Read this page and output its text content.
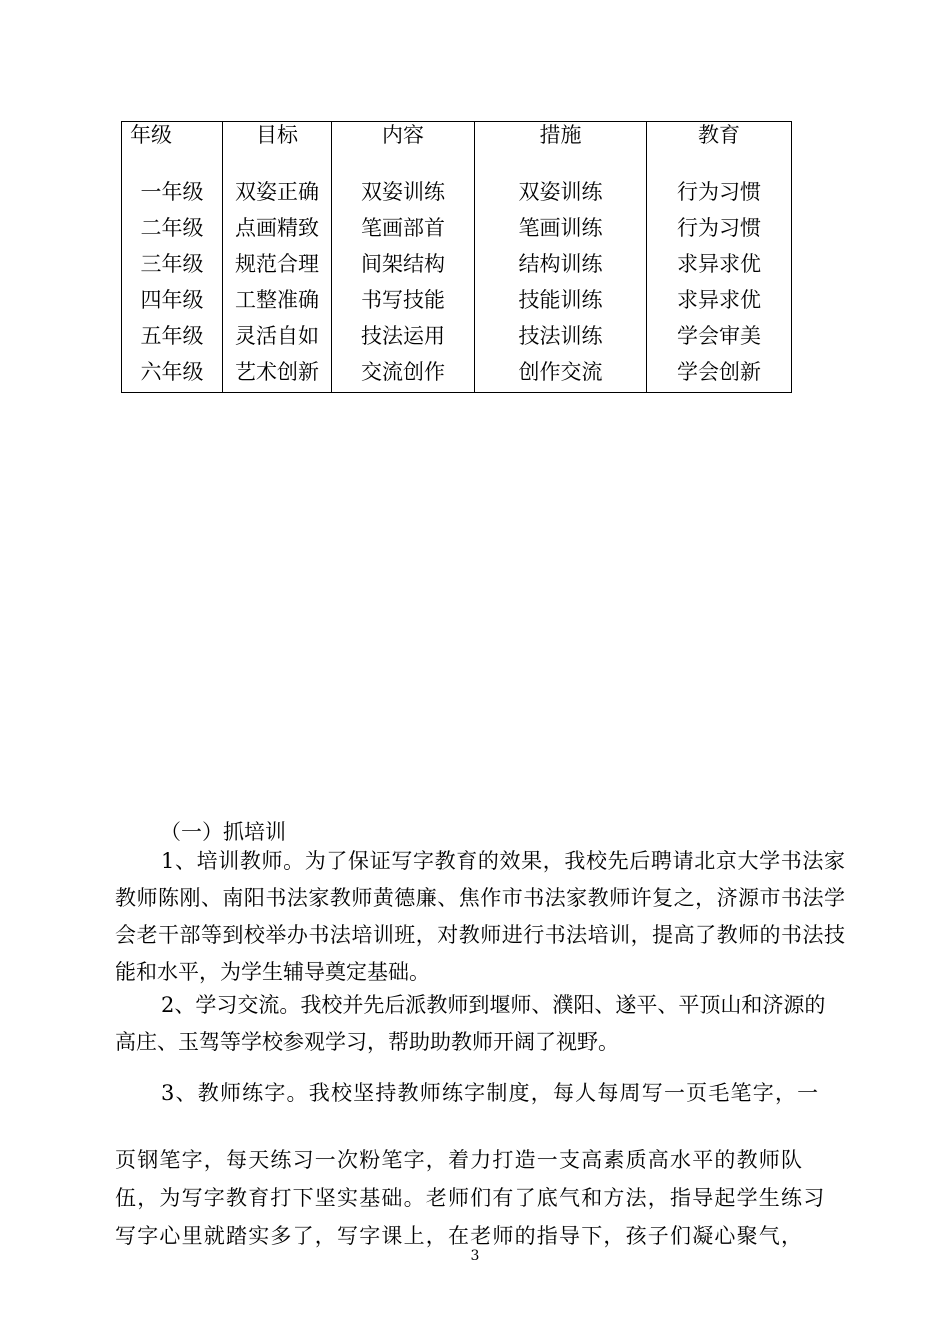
年级	目标	内容	措施	教育
一年级	双姿正确	双姿训练	双姿训练	行为习惯
二年级	点画精致	笔画部首	笔画训练	行为习惯
三年级	规范合理	间架结构	结构训练	求异求优
四年级	工整准确	书写技能	技能训练	求异求优
五年级	灵活自如	技法运用	技法训练	学会审美
六年级	艺术创新	交流创作	创作交流	学会创新
（一）抓培训
1、培训教师。为了保证写字教育的效果，我校先后聘请北京大学书法家教师陈刚、南阳书法家教师黄德廉、焦作市书法家教师许复之，济源市书法学会老干部等到校举办书法培训班，对教师进行书法培训，提高了教师的书法技能和水平，为学生辅导奠定基础。
2、学习交流。我校并先后派教师到堰师、濮阳、遂平、平顶山和济源的高庄、玉驾等学校参观学习，帮助助教师开阔了视野。
3、教师练字。我校坚持教师练字制度，每人每周写一页毛笔字，一
页钢笔字，每天练习一次粉笔字，着力打造一支高素质高水平的教师队伍，为写字教育打下坚实基础。老师们有了底气和方法，指导起学生练习写字心里就踏实多了，写字课上，在老师的指导下，孩子们凝心聚气，
3
